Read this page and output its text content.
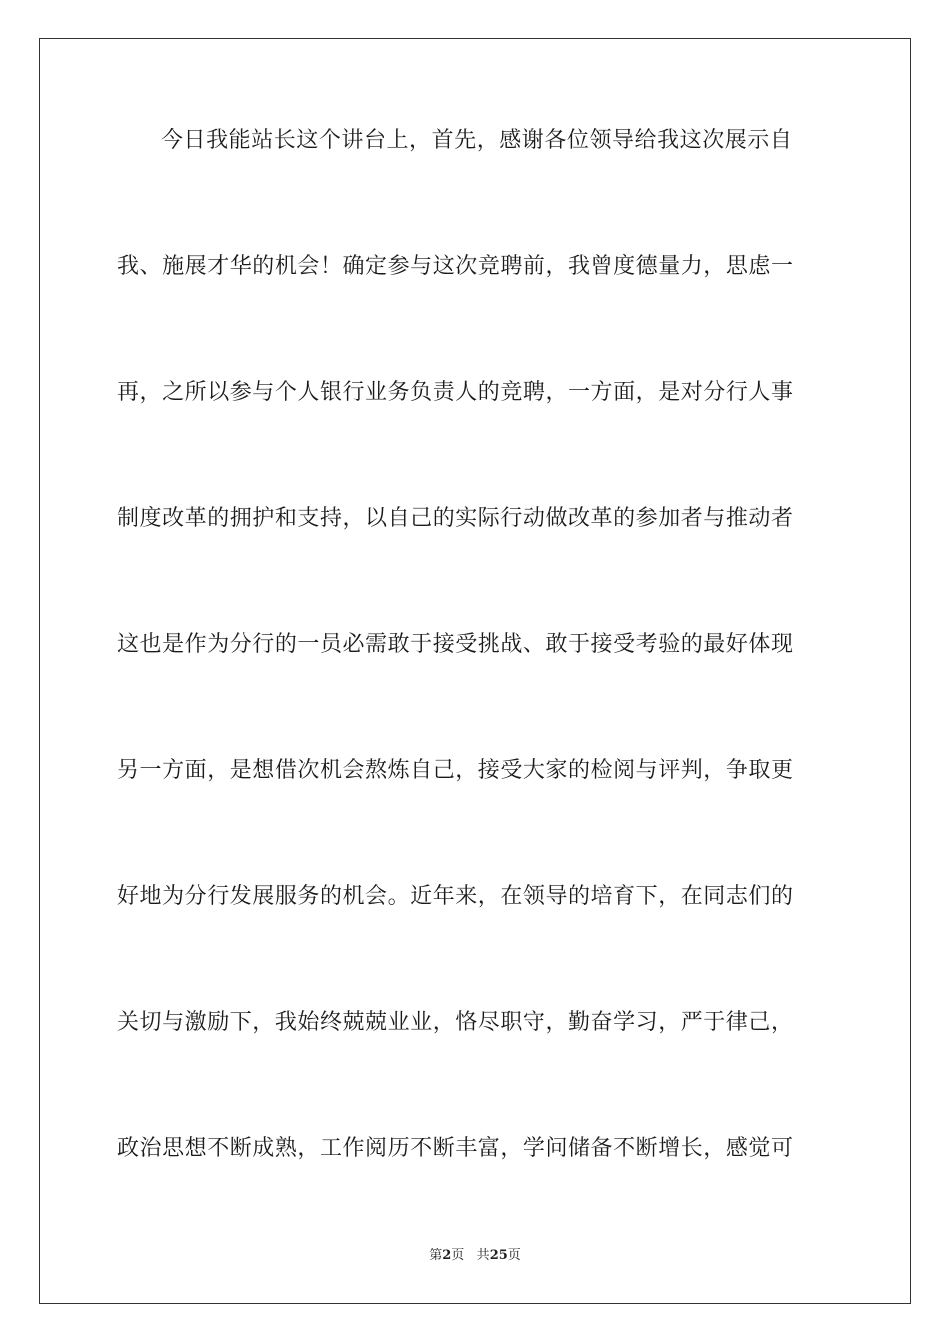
今日我能站长这个讲台上，首先，感谢各位领导给我这次展示自
我、施展才华的机会！确定参与这次竞聘前，我曾度德量力，思虑一
再，之所以参与个人银行业务负责人的竞聘，一方面，是对分行人事
制度改革的拥护和支持，以自己的实际行动做改革的参加者与推动者
这也是作为分行的一员必需敢于接受挑战、敢于接受考验的最好体现
另一方面，是想借次机会熬炼自己，接受大家的检阅与评判，争取更
好地为分行发展服务的机会。近年来，在领导的培育下，在同志们的
关切与激励下，我始终兢兢业业，恪尽职守，勤奋学习，严于律己，
政治思想不断成熟，工作阅历不断丰富，学问储备不断增长，感觉可
第2页 共25页
